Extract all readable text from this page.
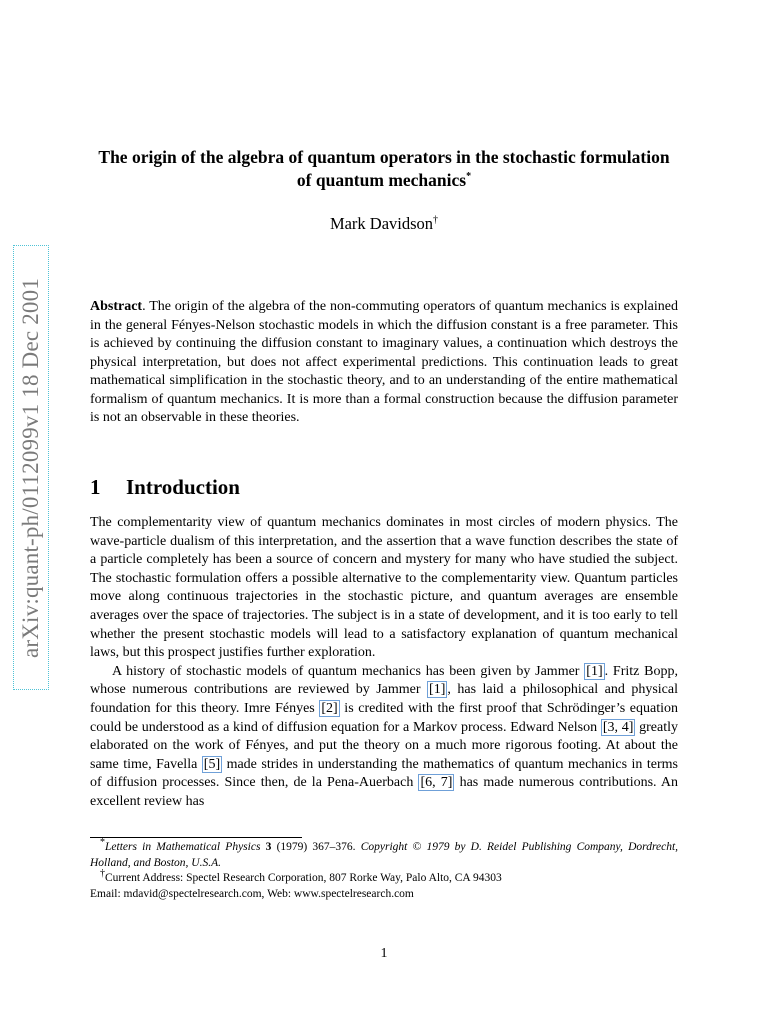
arXiv:quant-ph/0112099v1 18 Dec 2001
The origin of the algebra of quantum operators in the stochastic formulation of quantum mechanics*
Mark Davidson†
Abstract. The origin of the algebra of the non-commuting operators of quantum mechanics is explained in the general Fényes-Nelson stochastic models in which the diffusion constant is a free parameter. This is achieved by continuing the diffusion constant to imaginary values, a continuation which destroys the physical interpretation, but does not affect experimental predictions. This continuation leads to great mathematical simplification in the stochastic theory, and to an understanding of the entire mathematical formalism of quantum mechanics. It is more than a formal construction because the diffusion parameter is not an observable in these theories.
1 Introduction

The complementarity view of quantum mechanics dominates in most circles of modern physics. The wave-particle dualism of this interpretation, and the assertion that a wave function describes the state of a particle completely has been a source of concern and mystery for many who have studied the subject. The stochastic formulation offers a possible alternative to the complementarity view. Quantum particles move along continuous trajectories in the stochastic picture, and quantum averages are ensemble averages over the space of trajectories. The subject is in a state of development, and it is too early to tell whether the present stochastic models will lead to a satisfactory explanation of quantum mechanical laws, but this prospect justifies further exploration.

A history of stochastic models of quantum mechanics has been given by Jammer [1] . Fritz Bopp, whose numerous contributions are reviewed by Jammer [1] , has laid a philosophical and physical foundation for this theory. Imre Fényes [2] is credited with the first proof that Schrödinger’s equation could be understood as a kind of diffusion equation for a Markov process. Edward Nelson [3, 4] greatly elaborated on the work of Fényes, and put the theory on a much more rigorous footing. At about the same time, Favella [5] made strides in understanding the mathematics of quantum mechanics in terms of diffusion processes. Since then, de la Pena-Auerbach [6, 7] has made numerous contributions. An excellent review has

*Letters in Mathematical Physics 3 (1979) 367–376. Copyright © 1979 by D. Reidel Publishing Company, Dordrecht, Holland, and Boston, U.S.A.

†Current Address: Spectel Research Corporation, 807 Rorke Way, Palo Alto, CA 94303

Email: mdavid@spectelresearch.com, Web: www.spectelresearch.com

1
